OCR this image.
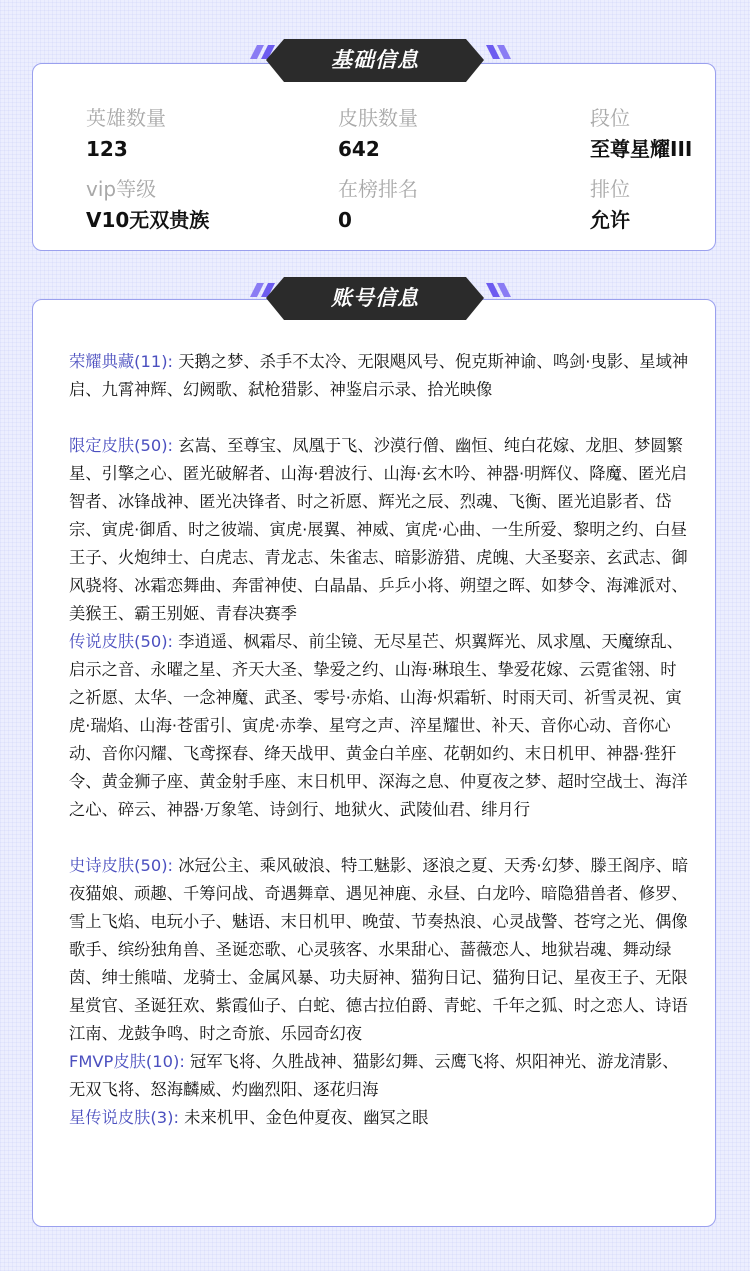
英雄数量
123
皮肤数量
642
段位
至尊星耀III
vip等级
V10无双贵族
在榜排名
0
排位
允许
基础信息

荣耀典藏(11): 天鹅之梦、杀手不太冷、无限飓风号、倪克斯神谕、鸣剑·曳影、星域神启、九霄神辉、幻阙歌、弑枪猎影、神鉴启示录、拾光映像

限定皮肤(50): 玄嵩、至尊宝、凤凰于飞、沙漠行僧、幽恒、纯白花嫁、龙胆、梦圆繁星、引擎之心、匿光破解者、山海·碧波行、山海·玄木吟、神器·明辉仪、降魔、匿光启智者、冰锋战神、匿光决锋者、时之祈愿、辉光之辰、烈魂、飞衡、匿光追影者、岱宗、寅虎·御盾、时之彼端、寅虎·展翼、神威、寅虎·心曲、一生所爱、黎明之约、白昼王子、火炮绅士、白虎志、青龙志、朱雀志、暗影游猎、虎魄、大圣娶亲、玄武志、御风骁将、冰霜恋舞曲、奔雷神使、白晶晶、乒乒小将、朔望之晖、如梦令、海滩派对、美猴王、霸王别姬、青春决赛季

传说皮肤(50): 李逍遥、枫霜尽、前尘镜、无尽星芒、炽翼辉光、凤求凰、天魔缭乱、启示之音、永曜之星、齐天大圣、挚爱之约、山海·琳琅生、挚爱花嫁、云霓雀翎、时之祈愿、太华、一念神魔、武圣、零号·赤焰、山海·炽霜斩、时雨天司、祈雪灵祝、寅虎·瑞焰、山海·苍雷引、寅虎·赤拳、星穹之声、淬星耀世、补天、音你心动、音你心动、音你闪耀、飞鸢探春、绛天战甲、黄金白羊座、花朝如约、末日机甲、神器·狴犴令、黄金狮子座、黄金射手座、末日机甲、深海之息、仲夏夜之梦、超时空战士、海洋之心、碎云、神器·万象笔、诗剑行、地狱火、武陵仙君、绯月行

史诗皮肤(50): 冰冠公主、乘风破浪、特工魅影、逐浪之夏、天秀·幻梦、滕王阁序、暗夜猫娘、顽趣、千筹问战、奇遇舞章、遇见神鹿、永昼、白龙吟、暗隐猎兽者、修罗、雪上飞焰、电玩小子、魅语、末日机甲、晚萤、节奏热浪、心灵战警、苍穹之光、偶像歌手、缤纷独角兽、圣诞恋歌、心灵骇客、水果甜心、蔷薇恋人、地狱岩魂、舞动绿茵、绅士熊喵、龙骑士、金属风暴、功夫厨神、猫狗日记、猫狗日记、星夜王子、无限星赏官、圣诞狂欢、紫霞仙子、白蛇、德古拉伯爵、青蛇、千年之狐、时之恋人、诗语江南、龙鼓争鸣、时之奇旅、乐园奇幻夜

FMVP皮肤(10): 冠军飞将、久胜战神、猫影幻舞、云鹰飞将、炽阳神光、游龙清影、无双飞将、怒海麟威、灼幽烈阳、逐花归海

星传说皮肤(3): 未来机甲、金色仲夏夜、幽冥之眼

账号信息
